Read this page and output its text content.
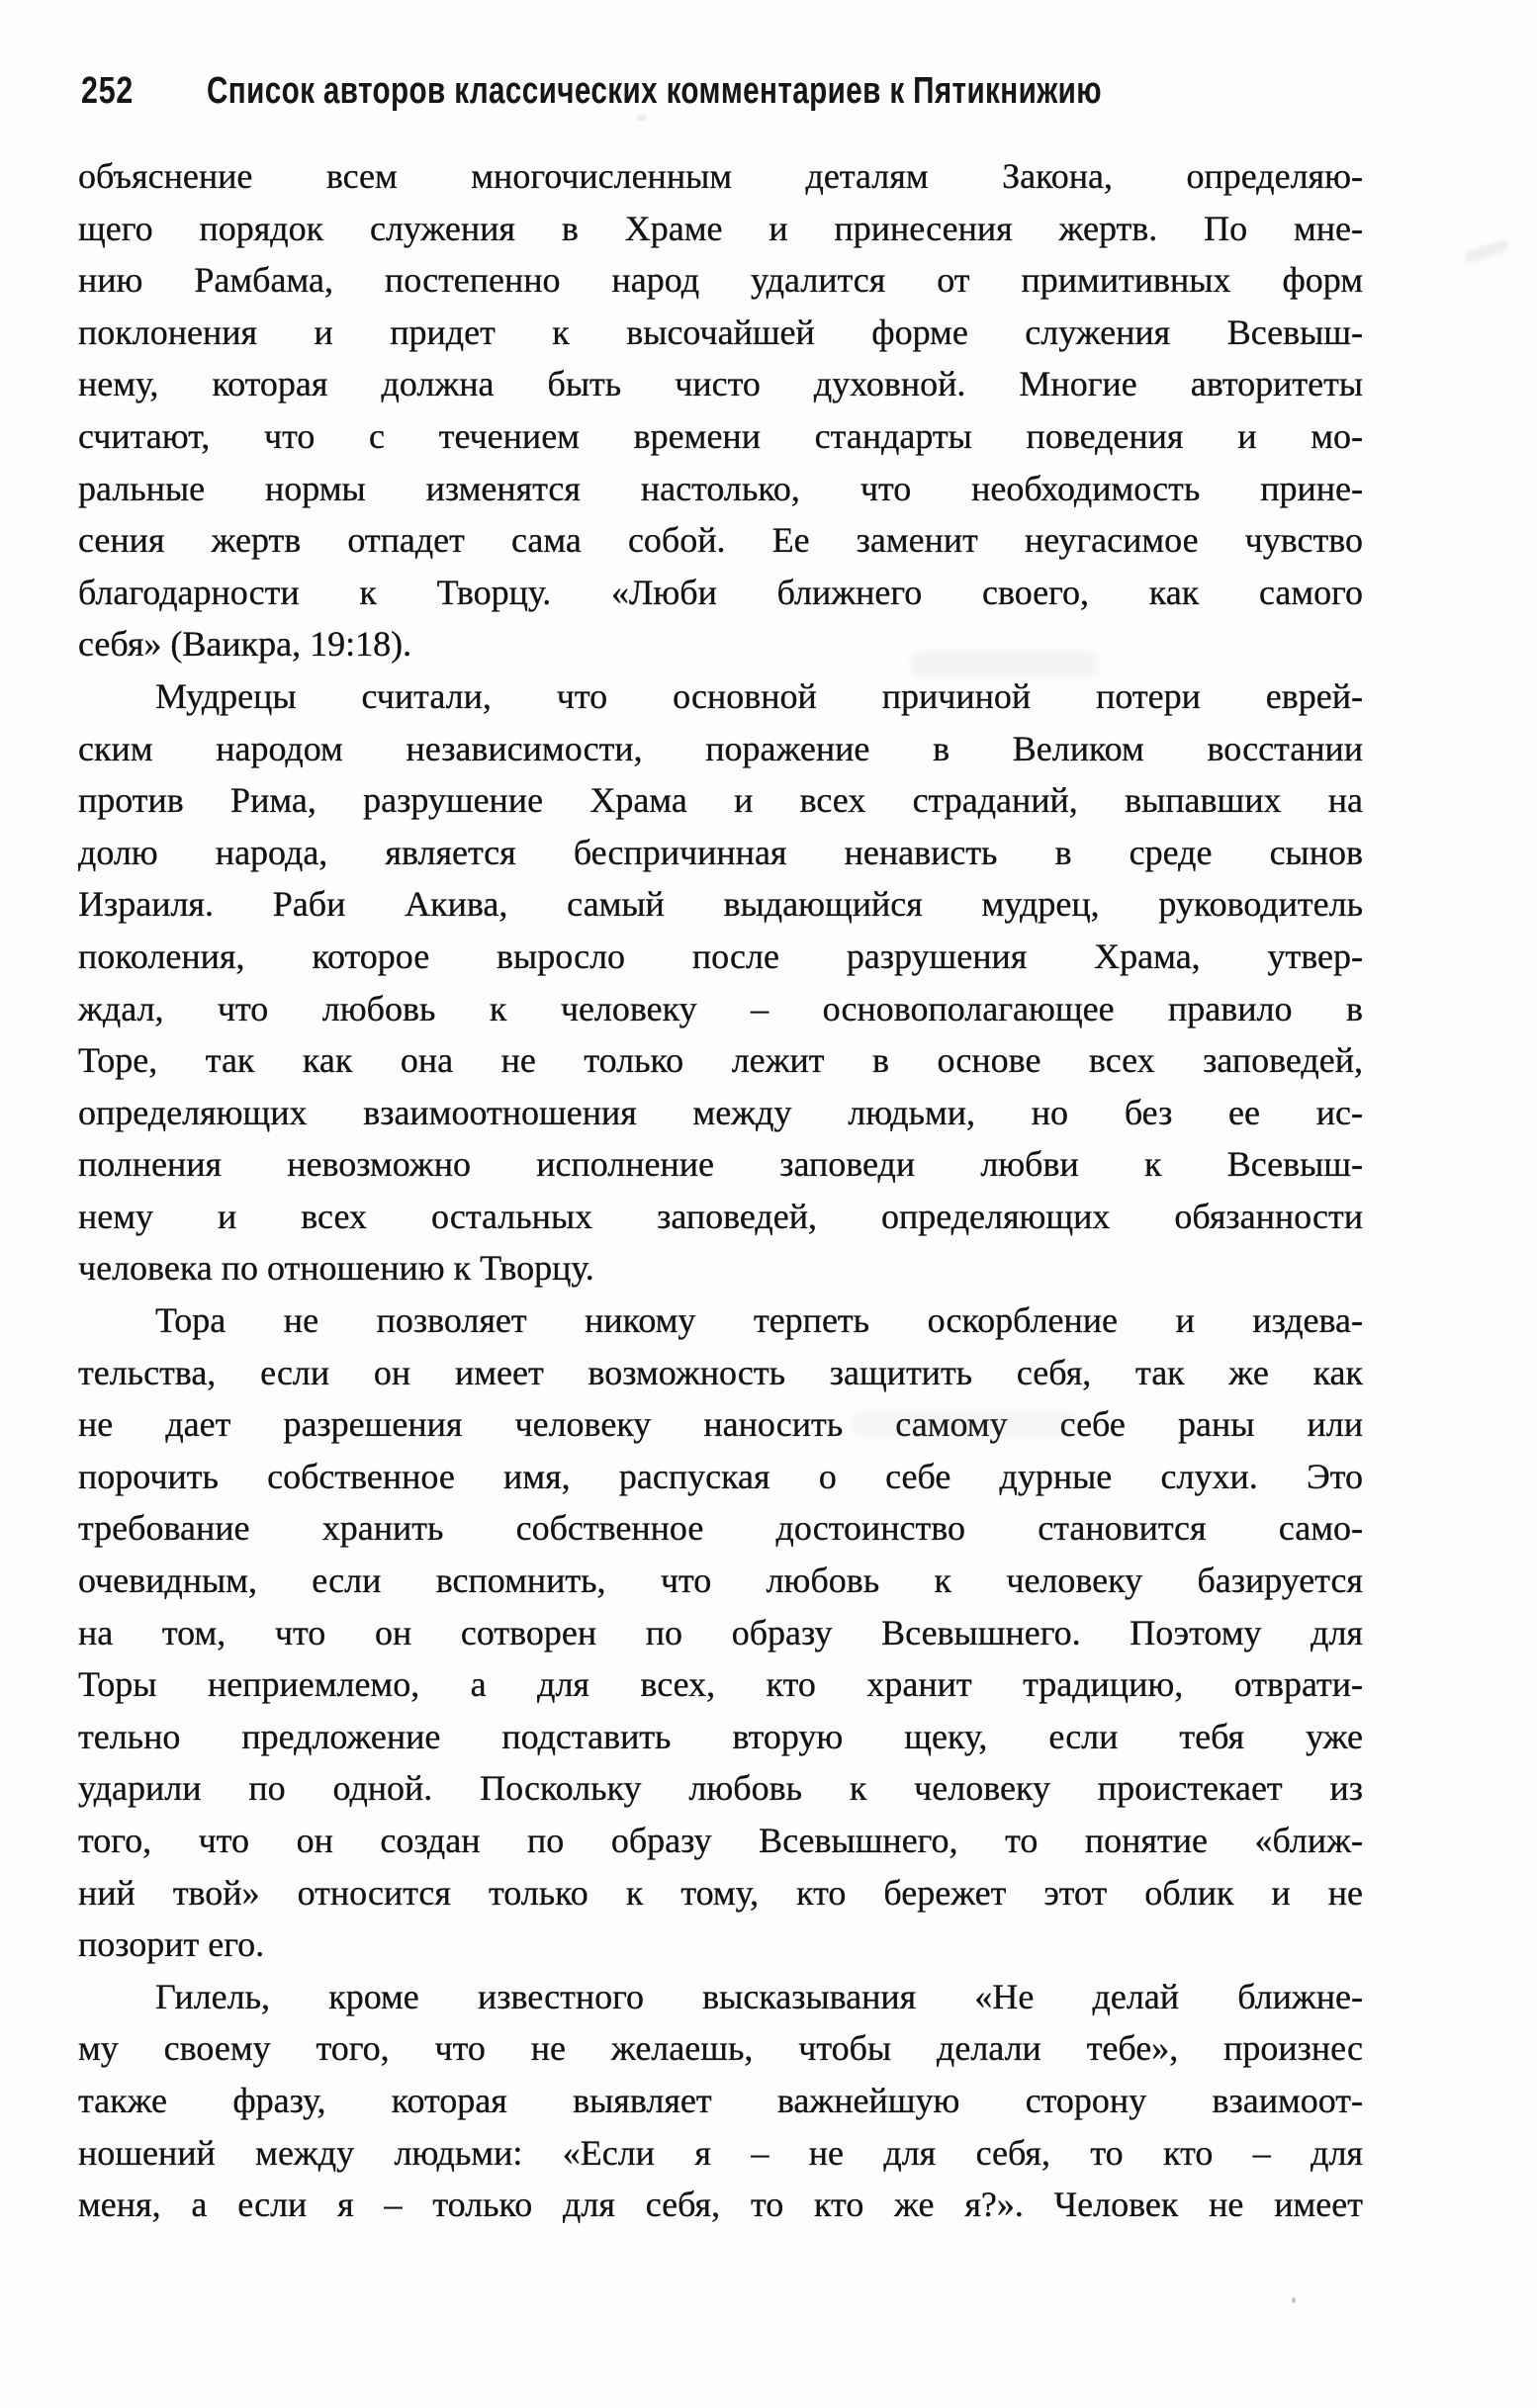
252 Список авторов классических комментариев к Пятикнижию
объяснение всем многочисленным деталям Закона, определяю-
щего порядок служения в Храме и принесения жертв. По мне-
нию Рамбама, постепенно народ удалится от примитивных форм
поклонения и придет к высочайшей форме служения Всевыш-
нему, которая должна быть чисто духовной. Многие авторитеты
считают, что с течением времени стандарты поведения и мо-
ральные нормы изменятся настолько, что необходимость прине-
сения жертв отпадет сама собой. Ее заменит неугасимое чувство
благодарности к Творцу. «Люби ближнего своего, как самого
себя» (Ваикра, 19:18).
Мудрецы считали, что основной причиной потери еврей-
ским народом независимости, поражение в Великом восстании
против Рима, разрушение Храма и всех страданий, выпавших на
долю народа, является беспричинная ненависть в среде сынов
Израиля. Раби Акива, самый выдающийся мудрец, руководитель
поколения, которое выросло после разрушения Храма, утвер-
ждал, что любовь к человеку – основополагающее правило в
Торе, так как она не только лежит в основе всех заповедей,
определяющих взаимоотношения между людьми, но без ее ис-
полнения невозможно исполнение заповеди любви к Всевыш-
нему и всех остальных заповедей, определяющих обязанности
человека по отношению к Творцу.
Тора не позволяет никому терпеть оскорбление и издева-
тельства, если он имеет возможность защитить себя, так же как
не дает разрешения человеку наносить самому себе раны или
порочить собственное имя, распуская о себе дурные слухи. Это
требование хранить собственное достоинство становится само-
очевидным, если вспомнить, что любовь к человеку базируется
на том, что он сотворен по образу Всевышнего. Поэтому для
Торы неприемлемо, а для всех, кто хранит традицию, отврати-
тельно предложение подставить вторую щеку, если тебя уже
ударили по одной. Поскольку любовь к человеку проистекает из
того, что он создан по образу Всевышнего, то понятие «ближ-
ний твой» относится только к тому, кто бережет этот облик и не
позорит его.
Гилель, кроме известного высказывания «Не делай ближне-
му своему того, что не желаешь, чтобы делали тебе», произнес
также фразу, которая выявляет важнейшую сторону взаимоот-
ношений между людьми: «Если я – не для себя, то кто – для
меня, а если я – только для себя, то кто же я?». Человек не имеет
